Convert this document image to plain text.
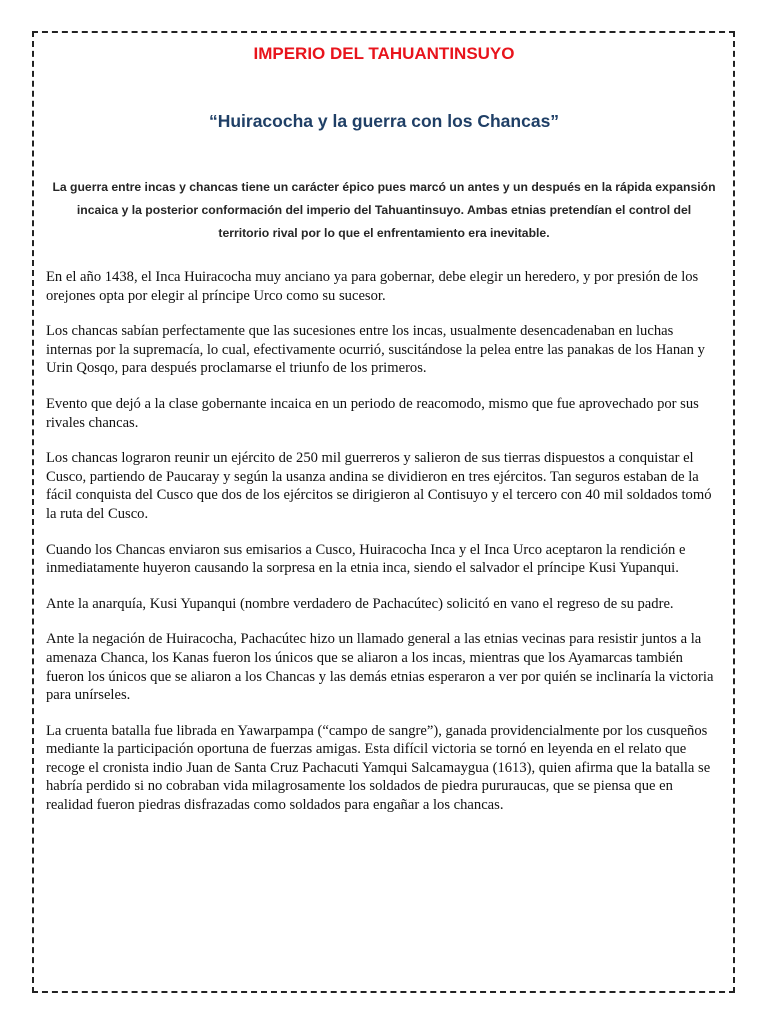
IMPERIO DEL TAHUANTINSUYO
“Huiracocha y la guerra con los Chancas”

La guerra entre incas y chancas tiene un carácter épico pues marcó un antes y un después en la rápida expansión incaica y la posterior conformación del imperio del Tahuantinsuyo. Ambas etnias pretendían el control del territorio rival por lo que el enfrentamiento era inevitable.

En el año 1438, el Inca Huiracocha muy anciano ya para gobernar, debe elegir un heredero, y por presión de los orejones opta por elegir al príncipe Urco como su sucesor.

Los chancas sabían perfectamente que las sucesiones entre los incas, usualmente desencadenaban en luchas internas por la supremacía, lo cual, efectivamente ocurrió, suscitándose la pelea entre las panakas de los Hanan y Urin Qosqo, para después proclamarse el triunfo de los primeros.

Evento que dejó a la clase gobernante incaica en un periodo de reacomodo, mismo que fue aprovechado por sus rivales chancas.

Los chancas lograron reunir un ejército de 250 mil guerreros y salieron de sus tierras dispuestos a conquistar el Cusco, partiendo de Paucaray y según la usanza andina se dividieron en tres ejércitos. Tan seguros estaban de la fácil conquista del Cusco que dos de los ejércitos se dirigieron al Contisuyo y el tercero con 40 mil soldados tomó la ruta del Cusco.

Cuando los Chancas enviaron sus emisarios a Cusco, Huiracocha Inca y el Inca Urco aceptaron la rendición e inmediatamente huyeron causando la sorpresa en la etnia inca, siendo el salvador el príncipe Kusi Yupanqui.

Ante la anarquía, Kusi Yupanqui (nombre verdadero de Pachacútec) solicitó en vano el regreso de su padre.

Ante la negación de Huiracocha, Pachacútec hizo un llamado general a las etnias vecinas para resistir juntos a la amenaza Chanca, los Kanas fueron los únicos que se aliaron a los incas, mientras que los Ayamarcas también fueron los únicos que se aliaron a los Chancas y las demás etnias esperaron a ver por quién se inclinaría la victoria para unírseles.

La cruenta batalla fue librada en Yawarpampa (“campo de sangre”), ganada providencialmente por los cusqueños mediante la participación oportuna de fuerzas amigas. Esta difícil victoria se tornó en leyenda en el relato que recoge el cronista indio Juan de Santa Cruz Pachacuti Yamqui Salcamaygua (1613), quien afirma que la batalla se habría perdido si no cobraban vida milagrosamente los soldados de piedra pururaucas, que se piensa que en realidad fueron piedras disfrazadas como soldados para engañar a los chancas.
